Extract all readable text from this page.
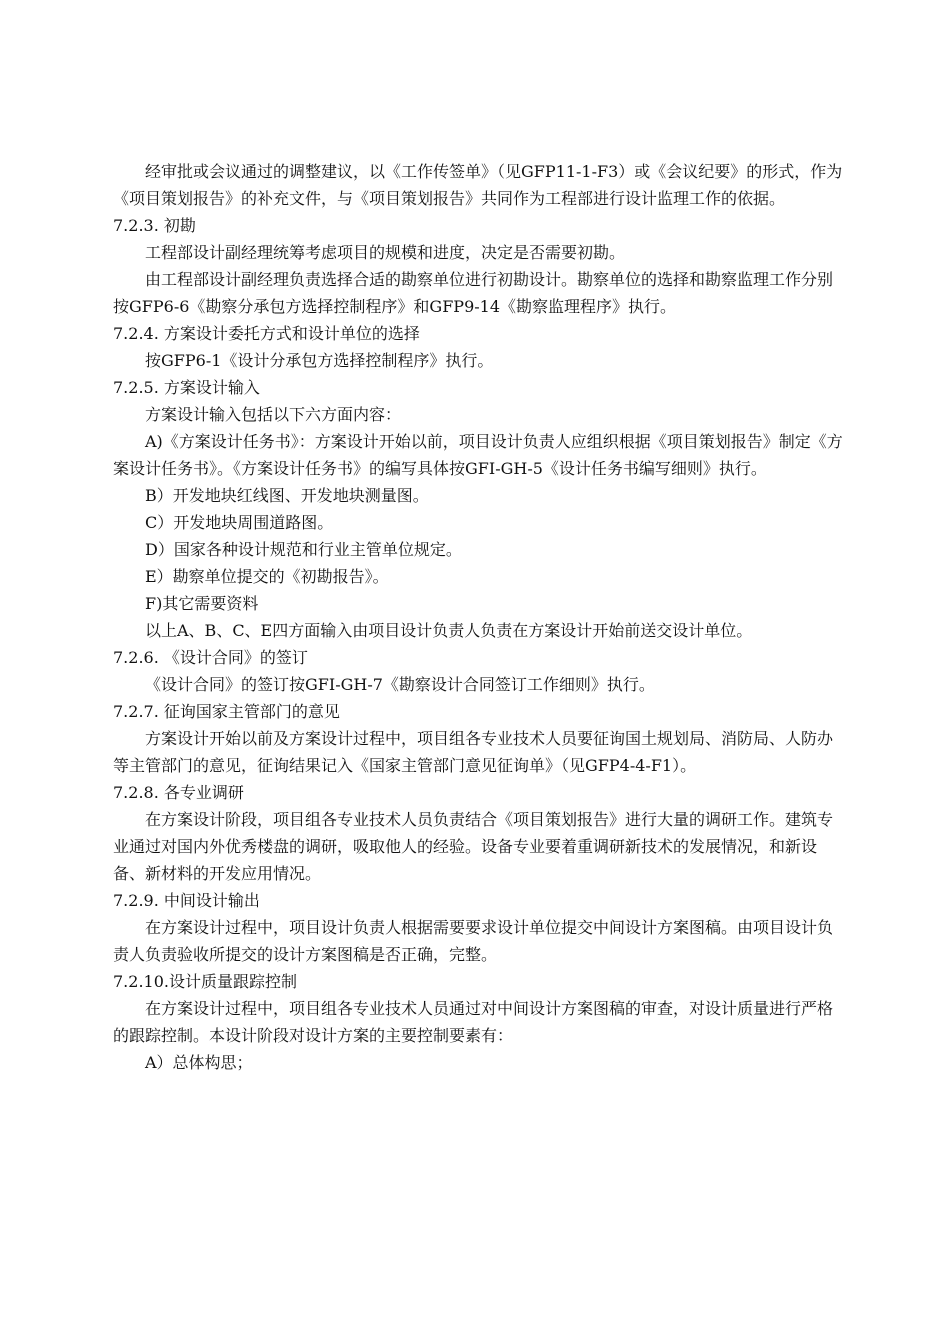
经审批或会议通过的调整建议，以《工作传签单》（见GFP11-1-F3）或《会议纪要》的形式，作为《项目策划报告》的补充文件，与《项目策划报告》共同作为工程部进行设计监理工作的依据。

7.2.3. 初勘

工程部设计副经理统筹考虑项目的规模和进度，决定是否需要初勘。

由工程部设计副经理负责选择合适的勘察单位进行初勘设计。勘察单位的选择和勘察监理工作分别按GFP6-6《勘察分承包方选择控制程序》和GFP9-14《勘察监理程序》执行。

7.2.4. 方案设计委托方式和设计单位的选择

按GFP6-1《设计分承包方选择控制程序》执行。

7.2.5. 方案设计输入

方案设计输入包括以下六方面内容：

A)《方案设计任务书》：方案设计开始以前，项目设计负责人应组织根据《项目策划报告》制定《方案设计任务书》。《方案设计任务书》的编写具体按GFI-GH-5《设计任务书编写细则》执行。

B）开发地块红线图、开发地块测量图。

C）开发地块周围道路图。

D）国家各种设计规范和行业主管单位规定。

E）勘察单位提交的《初勘报告》。

F)其它需要资料

以上A、B、C、E四方面输入由项目设计负责人负责在方案设计开始前送交设计单位。

7.2.6. 《设计合同》的签订

《设计合同》的签订按GFI-GH-7《勘察设计合同签订工作细则》执行。

7.2.7. 征询国家主管部门的意见

方案设计开始以前及方案设计过程中，项目组各专业技术人员要征询国土规划局、消防局、人防办等主管部门的意见，征询结果记入《国家主管部门意见征询单》（见GFP4-4-F1）。

7.2.8. 各专业调研

在方案设计阶段，项目组各专业技术人员负责结合《项目策划报告》进行大量的调研工作。建筑专业通过对国内外优秀楼盘的调研，吸取他人的经验。设备专业要着重调研新技术的发展情况，和新设备、新材料的开发应用情况。

7.2.9. 中间设计输出

在方案设计过程中，项目设计负责人根据需要要求设计单位提交中间设计方案图稿。由项目设计负责人负责验收所提交的设计方案图稿是否正确，完整。

7.2.10.设计质量跟踪控制

在方案设计过程中，项目组各专业技术人员通过对中间设计方案图稿的审查，对设计质量进行严格的跟踪控制。本设计阶段对设计方案的主要控制要素有：

A）总体构思；
